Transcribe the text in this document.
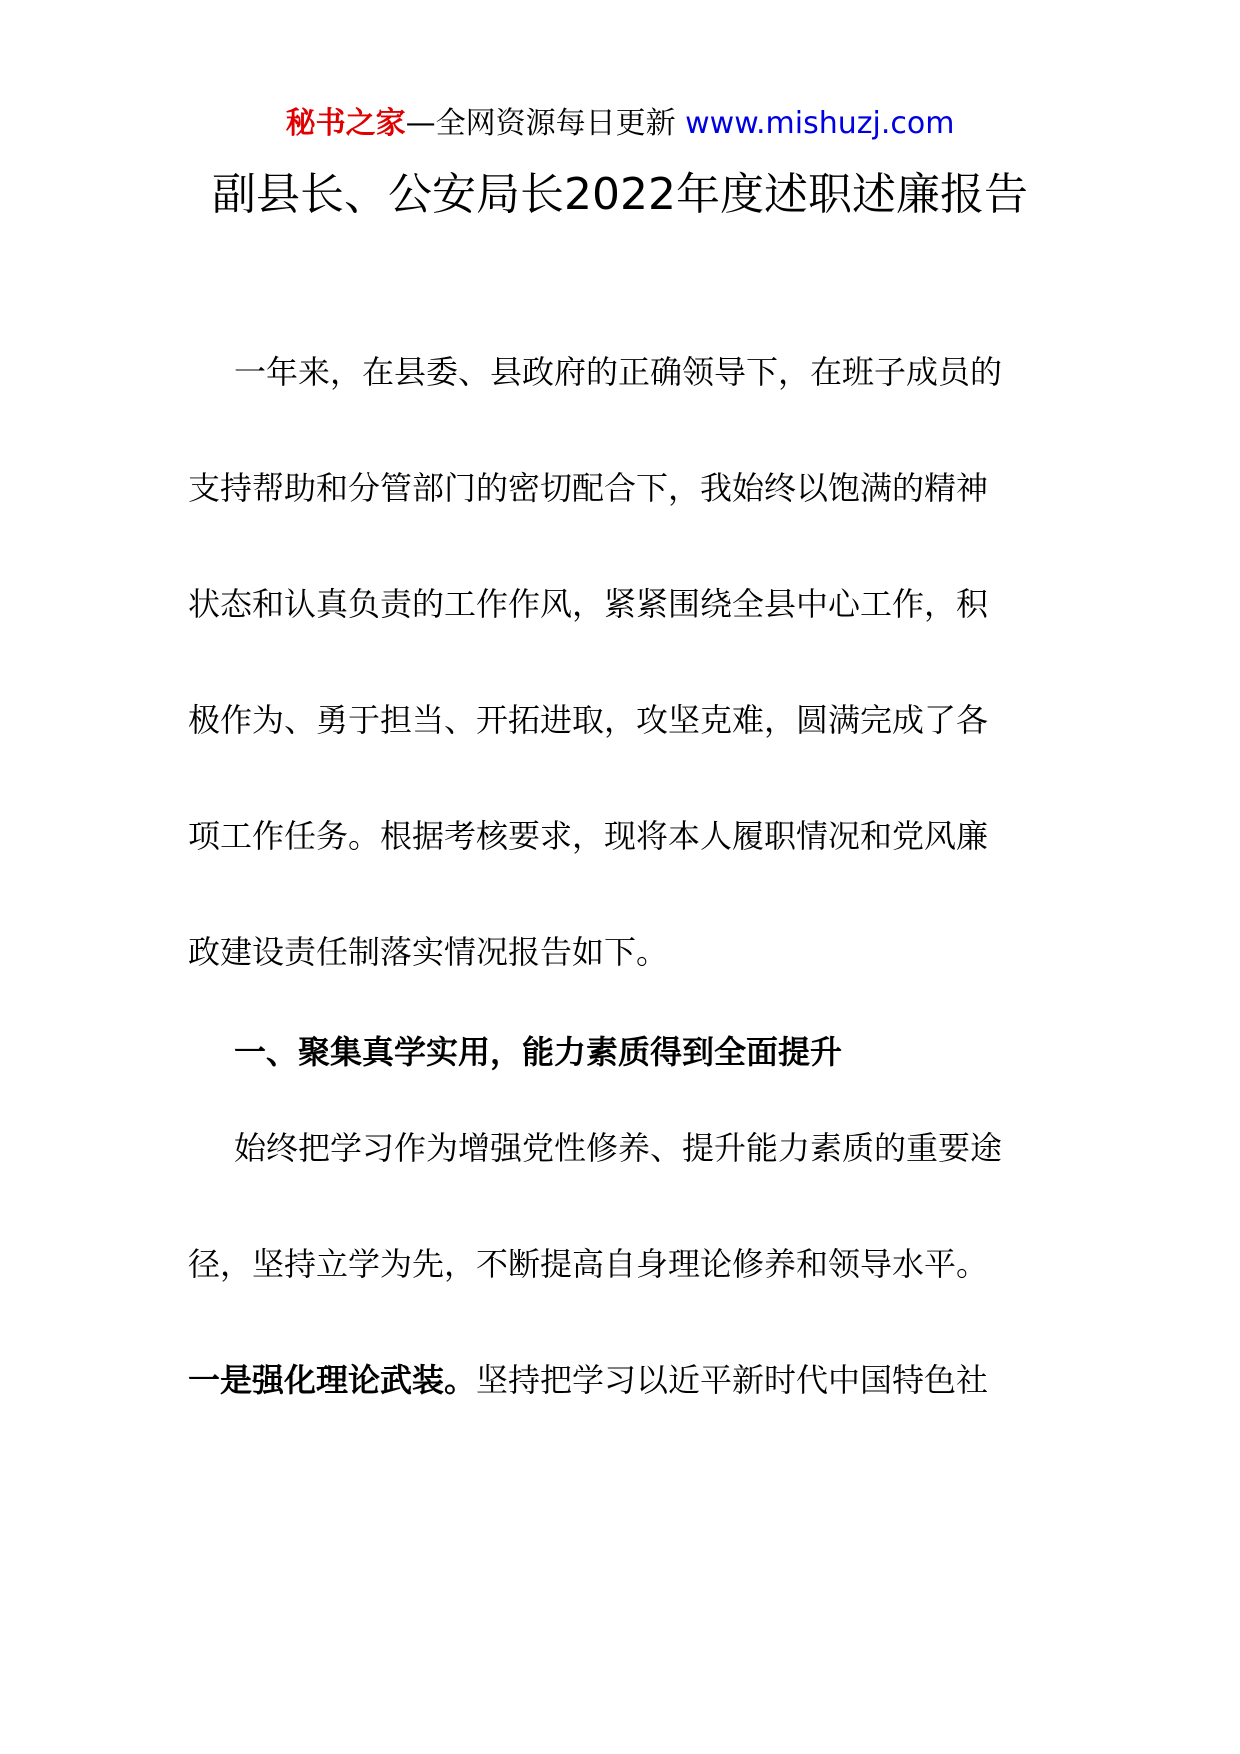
秘书之家—全网资源每日更新 www.mishuzj.com
副县长、公安局长2022年度述职述廉报告
一年来，在县委、县政府的正确领导下，在班子成员的
支持帮助和分管部门的密切配合下，我始终以饱满的精神
状态和认真负责的工作作风，紧紧围绕全县中心工作，积
极作为、勇于担当、开拓进取，攻坚克难，圆满完成了各
项工作任务。根据考核要求，现将本人履职情况和党风廉
政建设责任制落实情况报告如下。
一、聚集真学实用，能力素质得到全面提升
始终把学习作为增强党性修养、提升能力素质的重要途
径，坚持立学为先，不断提高自身理论修养和领导水平。
一是强化理论武装。坚持把学习以近平新时代中国特色社
